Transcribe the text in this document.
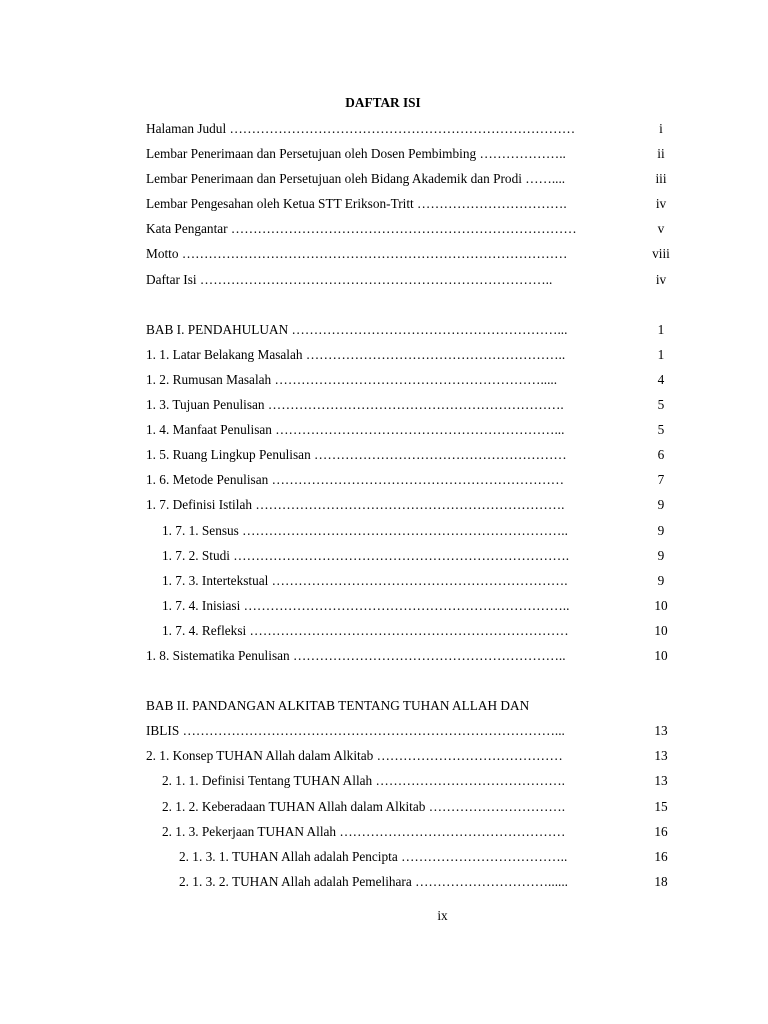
DAFTAR ISI
Halaman Judul ……………………………………………………………………	i
Lembar Penerimaan dan Persetujuan oleh Dosen Pembimbing ………………..	ii
Lembar Penerimaan dan Persetujuan oleh Bidang Akademik dan Prodi ……....	iii
Lembar Pengesahan oleh Ketua STT Erikson-Tritt …………………………….	iv
Kata Pengantar ……………………………………………………………………	v
Motto ……………………………………………………………………………	viii
Daftar Isi ……………………………………………………………………..	iv
BAB I. PENDAHULUAN ……………………………………………………...	1
1. 1. Latar Belakang Masalah …………………………………………………..	1
1. 2. Rumusan Masalah …………………………………………………….....	4
1. 3. Tujuan Penulisan ………………………………………………………….	5
1. 4. Manfaat Penulisan ………………………………………………………...	5
1. 5. Ruang Lingkup Penulisan …………………………………………………	6
1. 6. Metode Penulisan …………………………………………………………	7
1. 7. Definisi Istilah …………………………………………………………….	9
1. 7. 1. Sensus ………………………………………………………………..	9
1. 7. 2. Studi ………………………………………………………………….	9
1. 7. 3. Intertekstual ………………………………………………………….	9
1. 7. 4. Inisiasi ………………………………………………………………..	10
1. 7. 4. Refleksi ………………………………………………………………	10
1. 8. Sistematika Penulisan ……………………………………………………..	10
BAB II. PANDANGAN ALKITAB TENTANG TUHAN ALLAH DAN
IBLIS …………………………………………………………………………...	13
2. 1. Konsep TUHAN Allah dalam Alkitab ……………………………………	13
2. 1. 1. Definisi Tentang TUHAN Allah …………………………………….	13
2. 1. 2. Keberadaan TUHAN Allah dalam Alkitab ………………………….	15
2. 1. 3. Pekerjaan TUHAN Allah ……………………………………………	16
2. 1. 3. 1. TUHAN Allah adalah Pencipta ………………………………..	16
2. 1. 3. 2. TUHAN Allah adalah Pemelihara …………………………......	18
ix
